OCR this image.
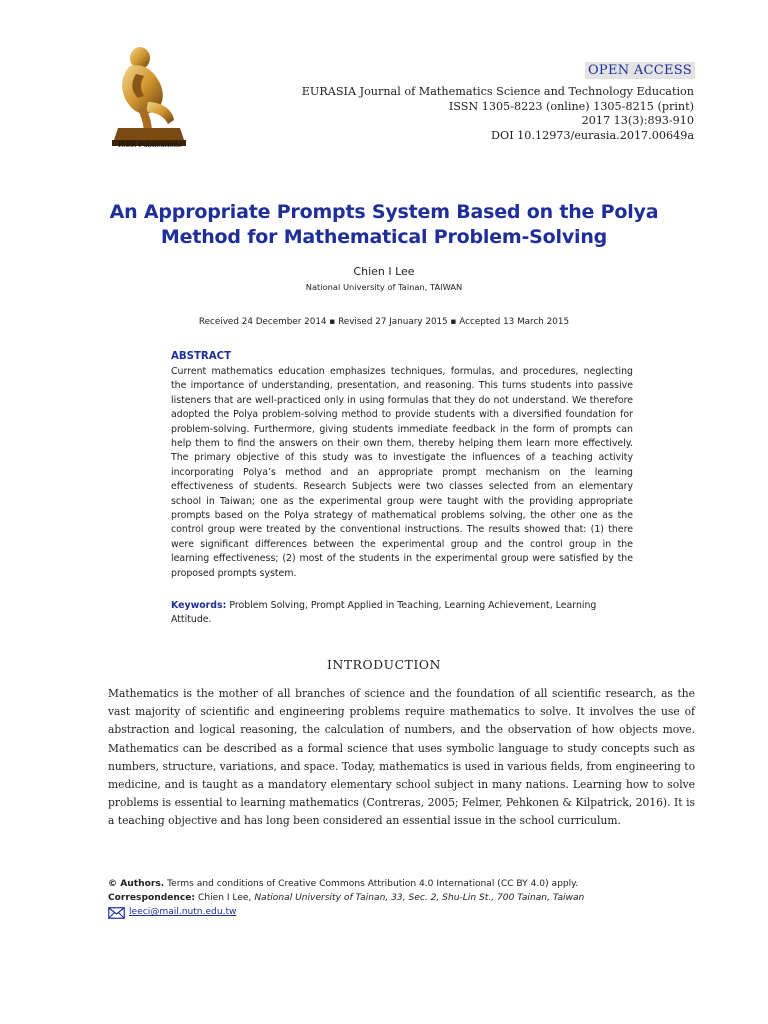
ISER Publications
OPEN ACCESS
EURASIA Journal of Mathematics Science and Technology Education
ISSN 1305-8223 (online) 1305-8215 (print)
2017 13(3):893-910
DOI 10.12973/eurasia.2017.00649a
An Appropriate Prompts System Based on the Polya
Method for Mathematical Problem-Solving
Chien I Lee
National University of Tainan, TAIWAN
Received 24 December 2014 ▪ Revised 27 January 2015 ▪ Accepted 13 March 2015
ABSTRACT
Current mathematics education emphasizes techniques, formulas, and procedures, neglecting the importance of understanding, presentation, and reasoning. This turns students into passive listeners that are well-practiced only in using formulas that they do not understand. We therefore adopted the Polya problem-solving method to provide students with a diversified foundation for problem-solving. Furthermore, giving students immediate feedback in the form of prompts can help them to find the answers on their own them, thereby helping them learn more effectively. The primary objective of this study was to investigate the influences of a teaching activity incorporating Polya’s method and an appropriate prompt mechanism on the learning effectiveness of students. Research Subjects were two classes selected from an elementary school in Taiwan; one as the experimental group were taught with the providing appropriate prompts based on the Polya strategy of mathematical problems solving, the other one as the control group were treated by the conventional instructions. The results showed that: (1) there were significant differences between the experimental group and the control group in the learning effectiveness; (2) most of the students in the experimental group were satisfied by the proposed prompts system.
Keywords: Problem Solving, Prompt Applied in Teaching, Learning Achievement, Learning Attitude.
INTRODUCTION
Mathematics is the mother of all branches of science and the foundation of all scientific research, as the vast majority of scientific and engineering problems require mathematics to solve. It involves the use of abstraction and logical reasoning, the calculation of numbers, and the observation of how objects move. Mathematics can be described as a formal science that uses symbolic language to study concepts such as numbers, structure, variations, and space. Today, mathematics is used in various fields, from engineering to medicine, and is taught as a mandatory elementary school subject in many nations. Learning how to solve problems is essential to learning mathematics (Contreras, 2005; Felmer, Pehkonen & Kilpatrick, 2016). It is a teaching objective and has long been considered an essential issue in the school curriculum.
© Authors. Terms and conditions of Creative Commons Attribution 4.0 International (CC BY 4.0) apply.
Correspondence: Chien I Lee, National University of Tainan, 33, Sec. 2, Shu-Lin St., 700 Tainan, Taiwan
leeci@mail.nutn.edu.tw
